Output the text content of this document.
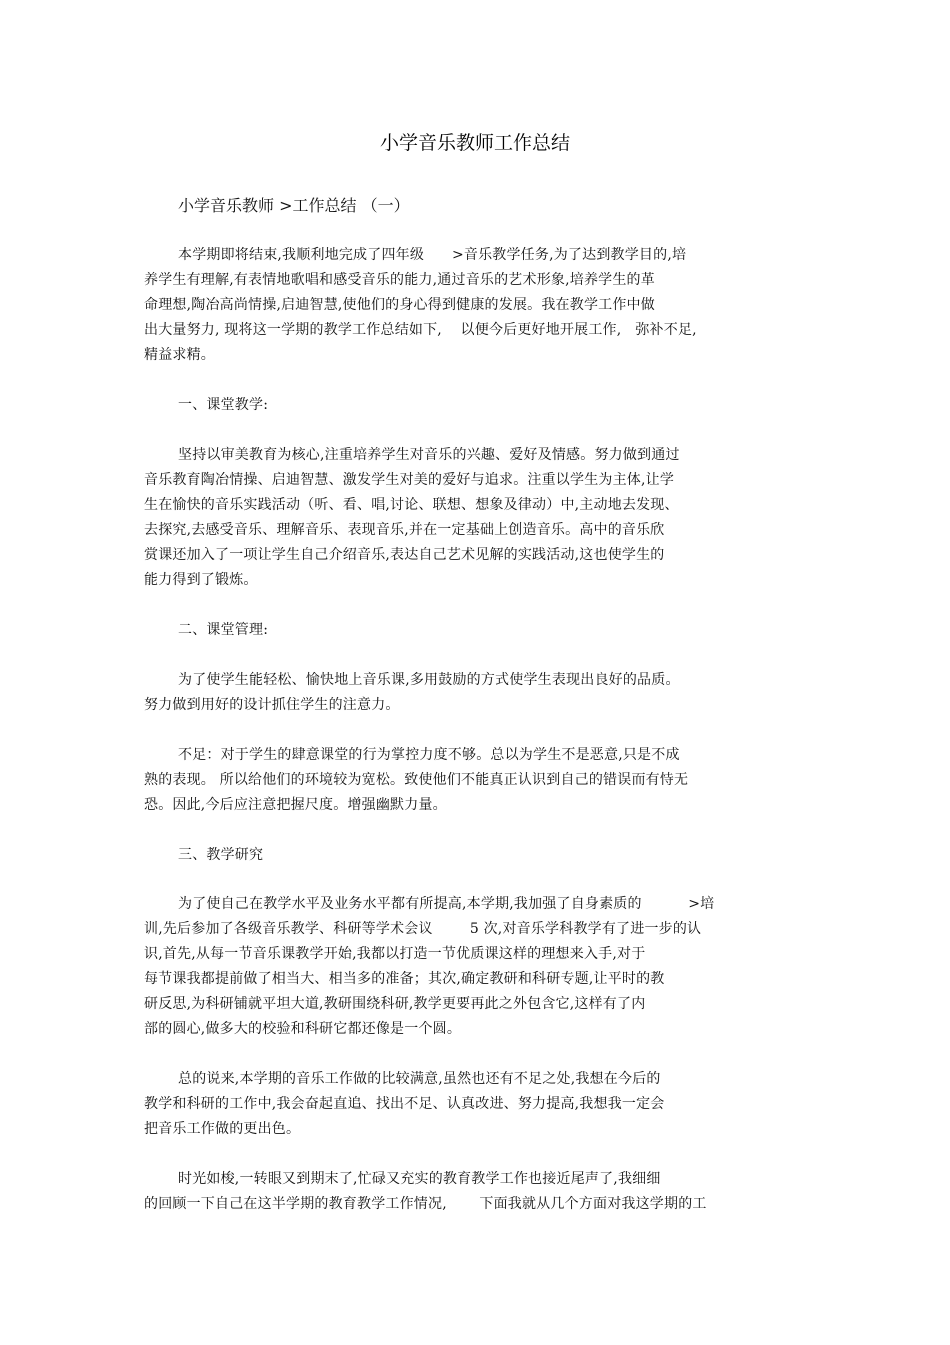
小学音乐教师工作总结
小学音乐教师 >工作总结 （一）
本学期即将结束,我顺利地完成了四年级      >音乐教学任务,为了达到教学目的,培
养学生有理解,有表情地歌唱和感受音乐的能力,通过音乐的艺术形象,培养学生的革
命理想,陶冶高尚情操,启迪智慧,使他们的身心得到健康的发展。我在教学工作中做
出大量努力, 现将这一学期的教学工作总结如下,    以便今后更好地开展工作,   弥补不足,
精益求精。
一、课堂教学:
坚持以审美教育为核心,注重培养学生对音乐的兴趣、爱好及情感。努力做到通过
音乐教育陶冶情操、启迪智慧、激发学生对美的爱好与追求。注重以学生为主体,让学
生在愉快的音乐实践活动（听、看、唱,讨论、联想、想象及律动）中,主动地去发现、
去探究,去感受音乐、理解音乐、表现音乐,并在一定基础上创造音乐。高中的音乐欣
赏课还加入了一项让学生自己介绍音乐,表达自己艺术见解的实践活动,这也使学生的
能力得到了锻炼。
二、课堂管理:
为了使学生能轻松、愉快地上音乐课,多用鼓励的方式使学生表现出良好的品质。
努力做到用好的设计抓住学生的注意力。
不足：对于学生的肆意课堂的行为掌控力度不够。总以为学生不是恶意,只是不成
熟的表现。 所以给他们的环境较为宽松。致使他们不能真正认识到自己的错误而有恃无
恐。因此,今后应注意把握尺度。增强幽默力量。
三、教学研究
为了使自己在教学水平及业务水平都有所提高,本学期,我加强了自身素质的          >培
训,先后参加了各级音乐教学、科研等学术会议        5 次,对音乐学科教学有了进一步的认
识,首先,从每一节音乐课教学开始,我都以打造一节优质课这样的理想来入手,对于
每节课我都提前做了相当大、相当多的准备；其次,确定教研和科研专题,让平时的教
研反思,为科研铺就平坦大道,教研围绕科研,教学更要再此之外包含它,这样有了内
部的圆心,做多大的校验和科研它都还像是一个圆。
总的说来,本学期的音乐工作做的比较满意,虽然也还有不足之处,我想在今后的
教学和科研的工作中,我会奋起直追、找出不足、认真改进、努力提高,我想我一定会
把音乐工作做的更出色。
时光如梭,一转眼又到期末了,忙碌又充实的教育教学工作也接近尾声了,我细细
的回顾一下自己在这半学期的教育教学工作情况,       下面我就从几个方面对我这学期的工
